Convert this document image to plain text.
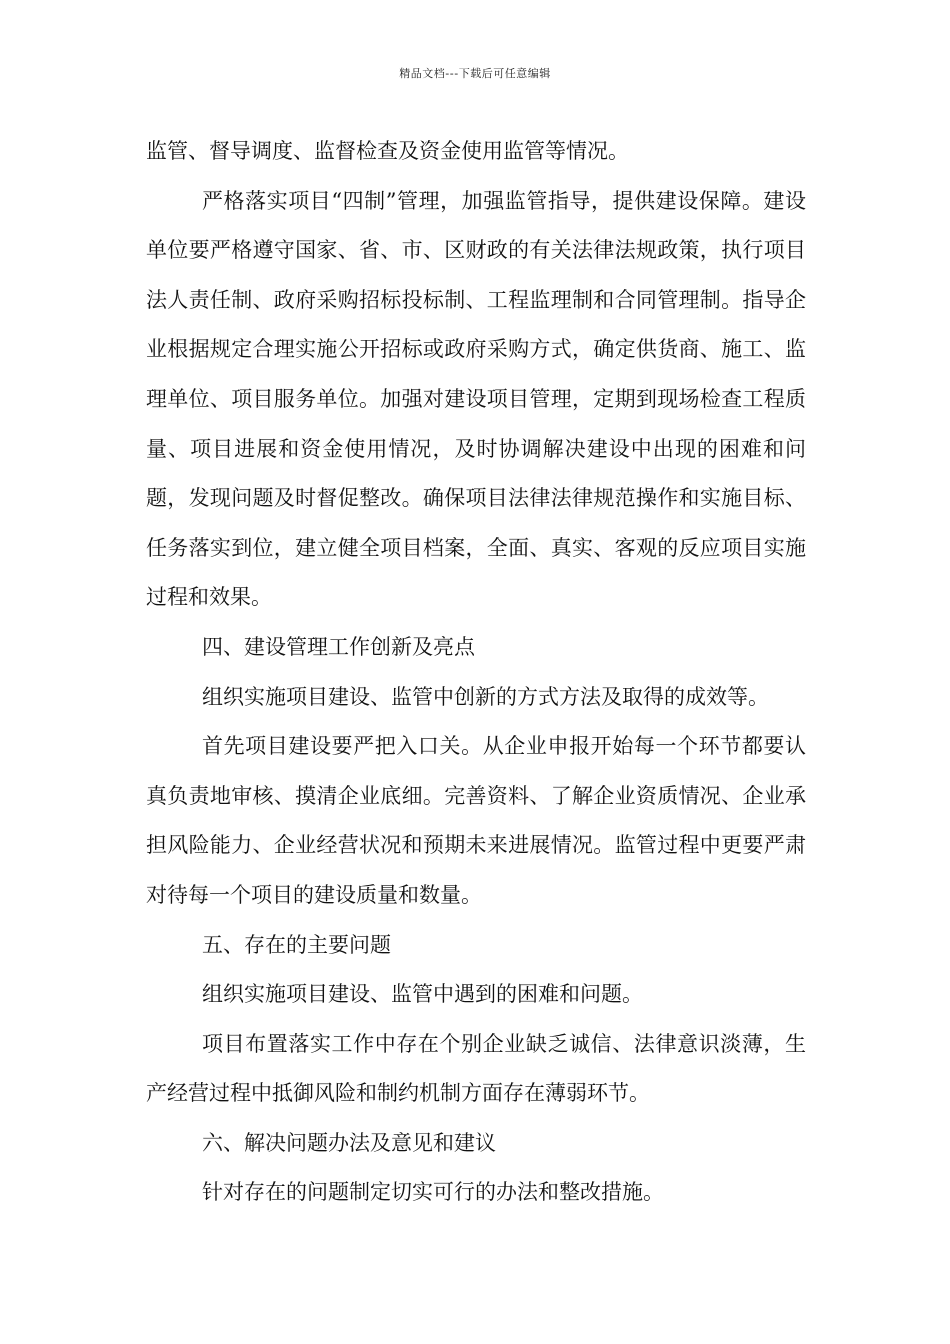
精品文档---下载后可任意编辑

监管、督导调度、监督检查及资金使用监管等情况。

严格落实项目“四制”管理，加强监管指导，提供建设保障。建设单位要严格遵守国家、省、市、区财政的有关法律法规政策，执行项目法人责任制、政府采购招标投标制、工程监理制和合同管理制。指导企业根据规定合理实施公开招标或政府采购方式，确定供货商、施工、监理单位、项目服务单位。加强对建设项目管理，定期到现场检查工程质量、项目进展和资金使用情况，及时协调解决建设中出现的困难和问题，发现问题及时督促整改。确保项目法律法律规范操作和实施目标、任务落实到位，建立健全项目档案，全面、真实、客观的反应项目实施过程和效果。

四、建设管理工作创新及亮点

组织实施项目建设、监管中创新的方式方法及取得的成效等。

首先项目建设要严把入口关。从企业申报开始每一个环节都要认真负责地审核、摸清企业底细。完善资料、了解企业资质情况、企业承担风险能力、企业经营状况和预期未来进展情况。监管过程中更要严肃对待每一个项目的建设质量和数量。

五、存在的主要问题

组织实施项目建设、监管中遇到的困难和问题。

项目布置落实工作中存在个别企业缺乏诚信、法律意识淡薄，生产经营过程中抵御风险和制约机制方面存在薄弱环节。

六、解决问题办法及意见和建议

针对存在的问题制定切实可行的办法和整改措施。
